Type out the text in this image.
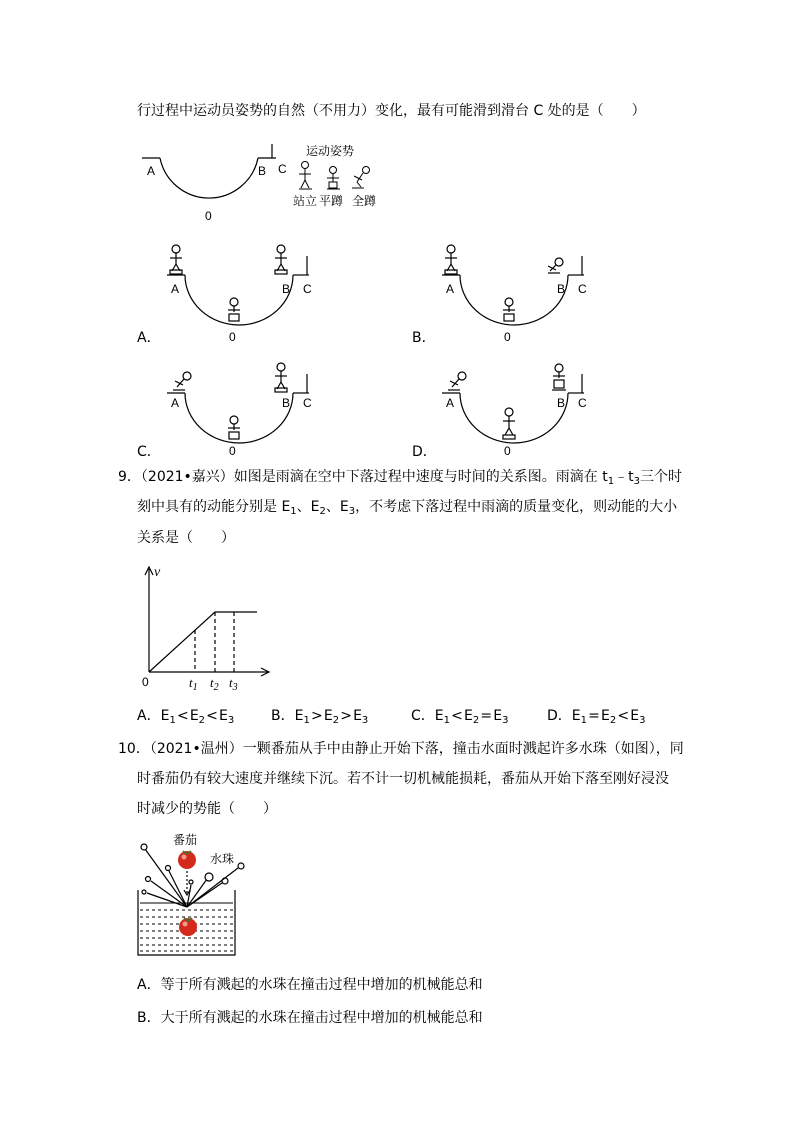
行过程中运动员姿势的自然（不用力）变化，最有可能滑到滑台 C 处的是（　　）
A	B C
0
运动姿势
站立 平蹲 全蹲
A	B C
0
A．
A	B C
0
B．
A	B C
0
C．
A	B C
0
D．
9．（2021•嘉兴）如图是雨滴在空中下落过程中速度与时间的关系图。雨滴在 $t_1﹣t_3$三个时
刻中具有的动能分别是 $E_1$、$E_2$、$E_3$，不考虑下落过程中雨滴的质量变化，则动能的大小
关系是（　　）
v
0	$t_1$ $t_2$ $t_3$
A．$E_1<E_2<E_3$	B．$E_1>E_2>E_3$	C．$E_1<E_2=E_3$	D．$E_1=E_2<E_3$
10．（2021•温州）一颗番茄从手中由静止开始下落，撞击水面时溅起许多水珠（如图），同
时番茄仍有较大速度并继续下沉。若不计一切机械能损耗，番茄从开始下落至刚好浸没
时减少的势能（　　）
番茄
水珠
A．等于所有溅起的水珠在撞击过程中增加的机械能总和
B．大于所有溅起的水珠在撞击过程中增加的机械能总和
